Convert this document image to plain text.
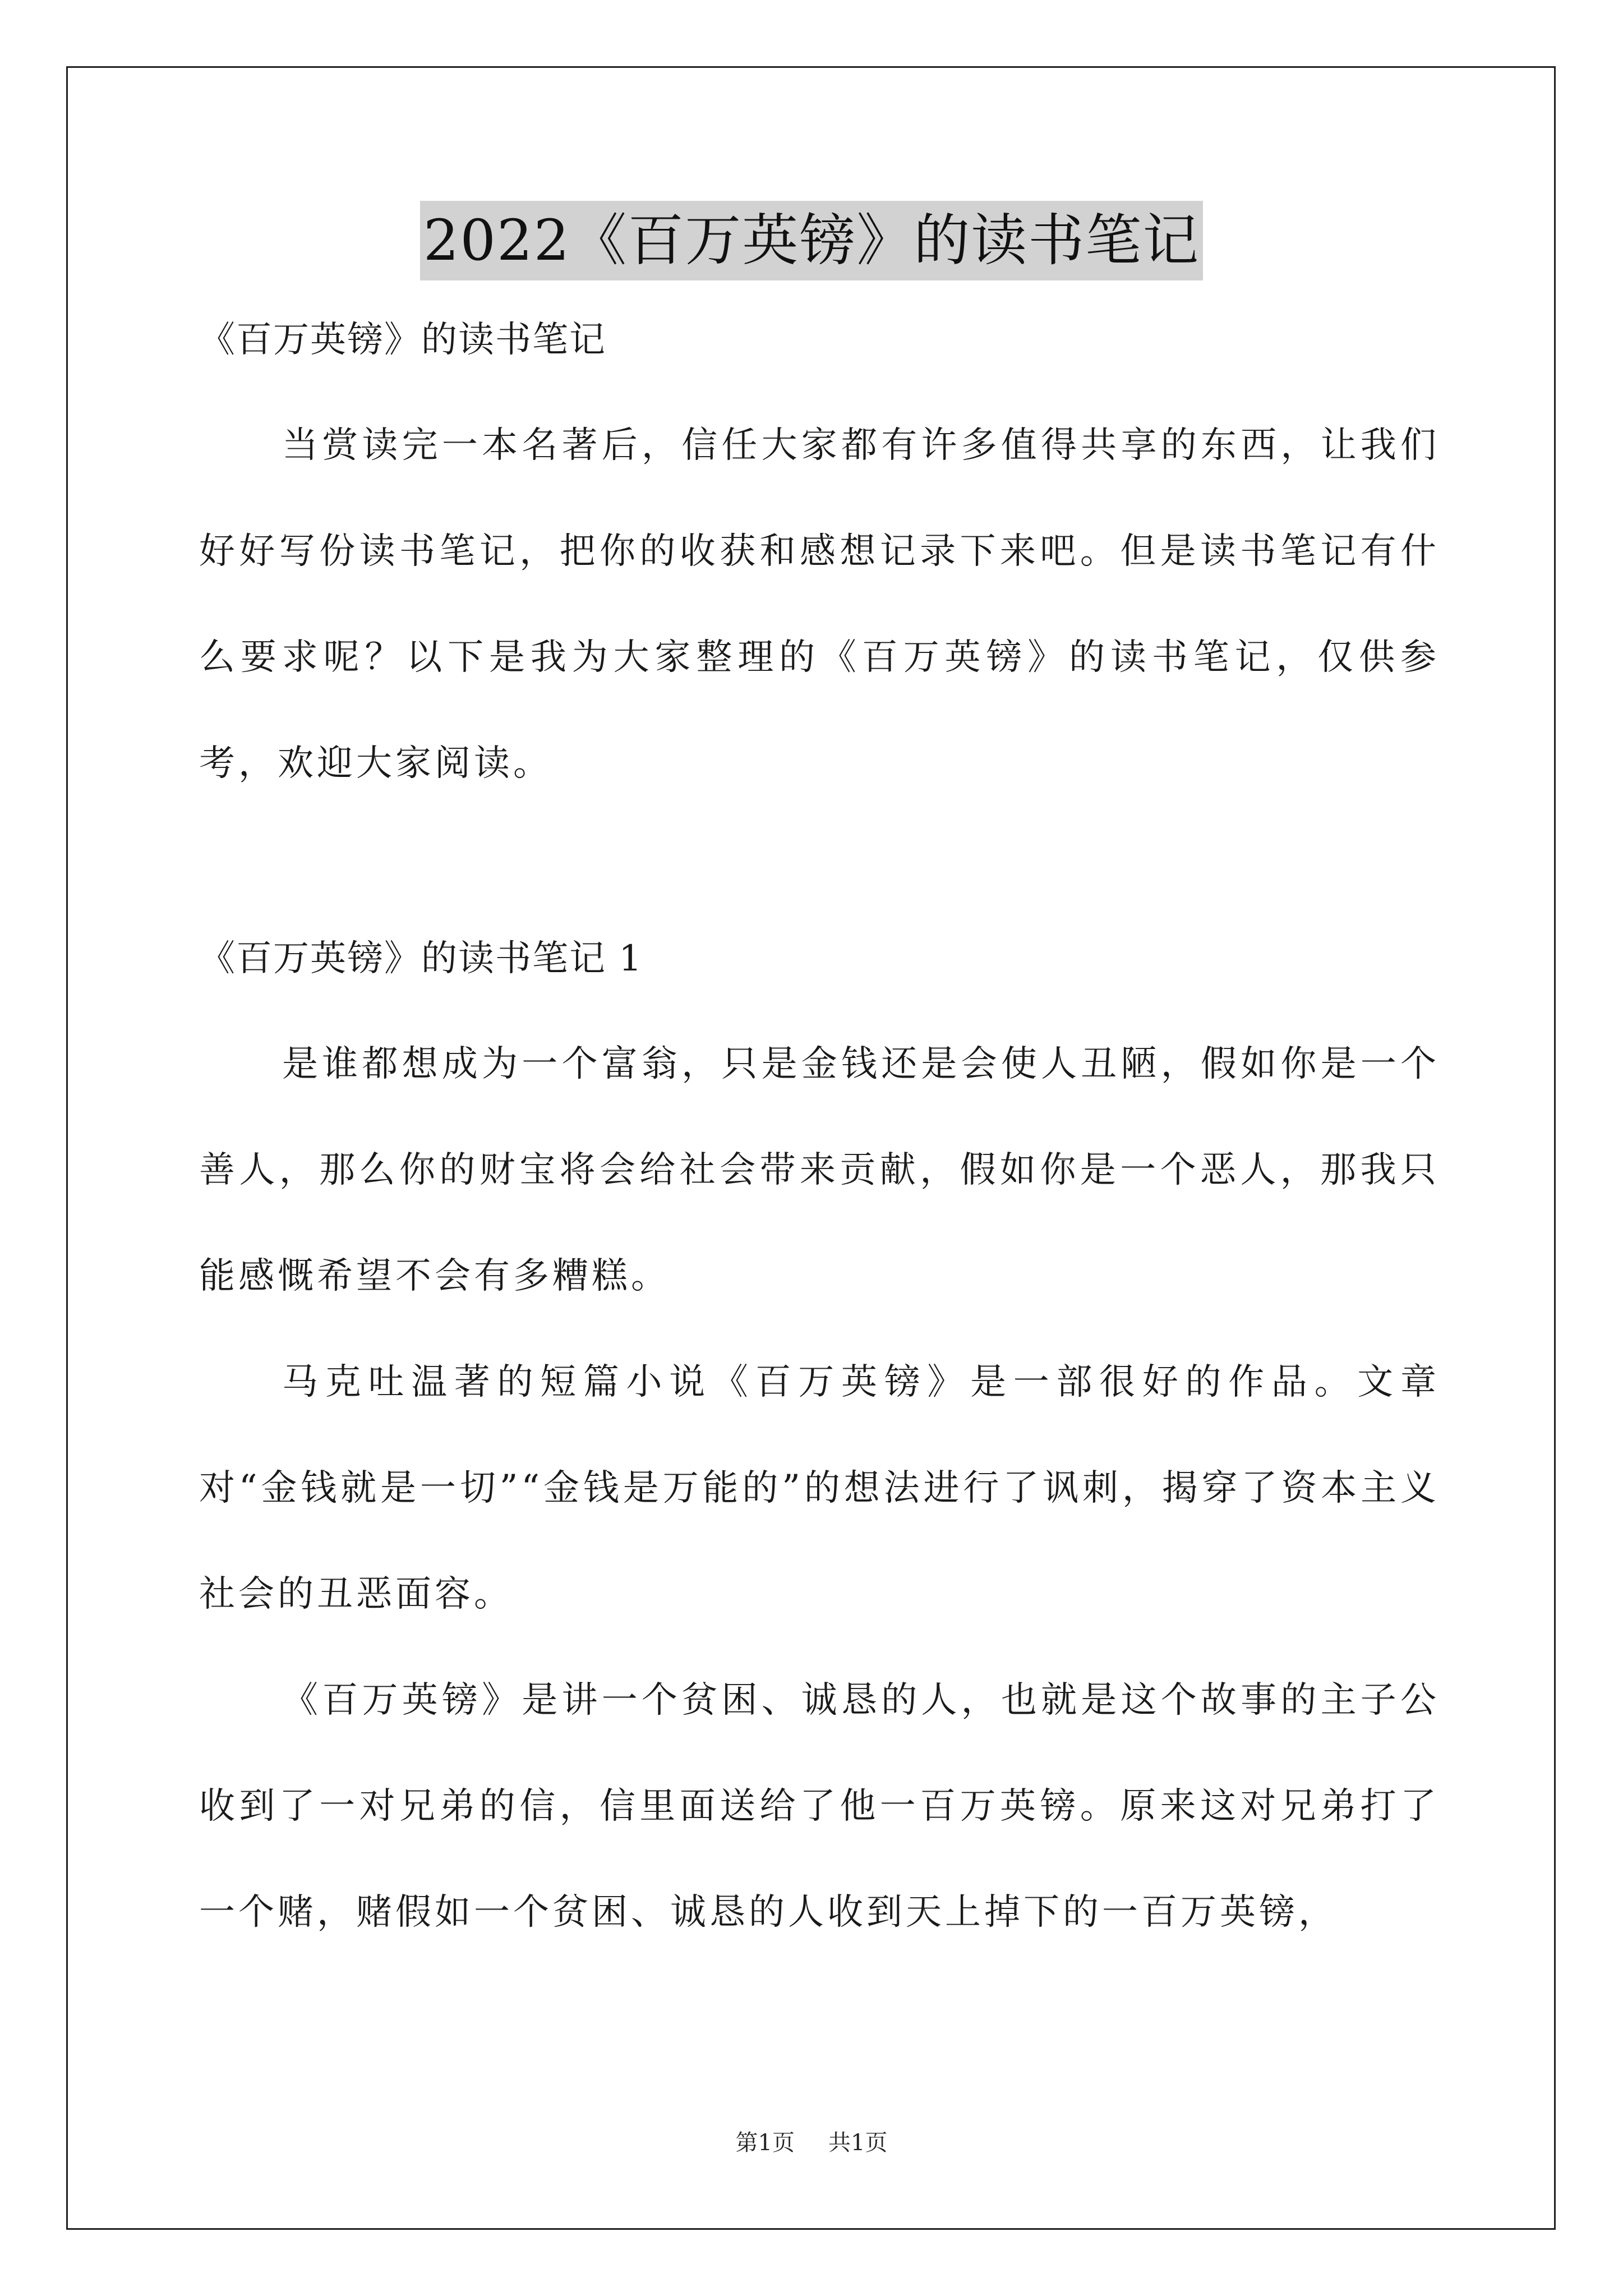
2022《百万英镑》的读书笔记

《百万英镑》的读书笔记

当赏读完一本名著后，信任大家都有许多值得共享的东西，让我们好好写份读书笔记，把你的收获和感想记录下来吧。但是读书笔记有什么要求呢？以下是我为大家整理的《百万英镑》的读书笔记，仅供参考，欢迎大家阅读。

《百万英镑》的读书笔记 1

是谁都想成为一个富翁，只是金钱还是会使人丑陋，假如你是一个善人，那么你的财宝将会给社会带来贡献，假如你是一个恶人，那我只能感慨希望不会有多糟糕。

马克吐温著的短篇小说《百万英镑》是一部很好的作品。文章对“金钱就是一切”“金钱是万能的”的想法进行了讽刺，揭穿了资本主义社会的丑恶面容。

《百万英镑》是讲一个贫困、诚恳的人，也就是这个故事的主子公收到了一对兄弟的信，信里面送给了他一百万英镑。原来这对兄弟打了一个赌，赌假如一个贫困、诚恳的人收到天上掉下的一百万英镑，

第1页 共1页
